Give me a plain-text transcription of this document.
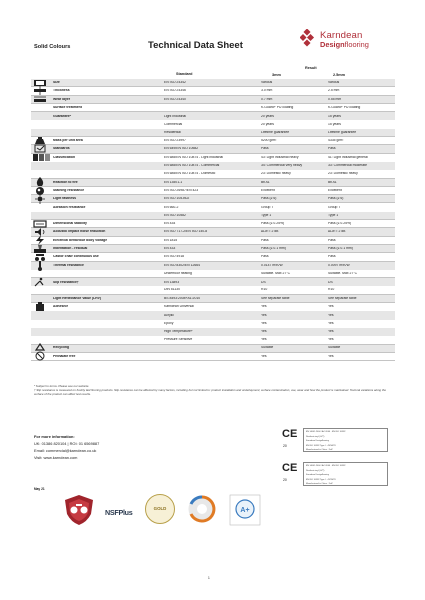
Solid Colours	Technical Data Sheet
Karndean
Designflooring
Standard
Result
3mm	2.5mm
Size	EN ISO 24342	Various	Various
Thickness	EN ISO 24346	3.0 mm	2.5 mm
Wear layer	EN ISO 24340	0.7 mm	0.55 mm
Surface treatment	K-Guard+ PU coating	K-Guard+ PU coating
Guarantee*	Light Industrial	20 years	15 years
Commercial	20 years	15 years
Residential	Lifetime guarantee	Lifetime guarantee
Mass per unit area	EN ISO 23997	5200 g/m²	4335 g/m²
Standards	EN 649/EN ISO 10582	Pass	Pass
Classification	EN 685/EN ISO 10874 - Light industrial	43: Light industrial heavy	41: Light industrial general
EN 685/EN ISO 10874 - Commercial	34: Commercial very heavy	33: Commercial moderate
EN 685/EN ISO 10874 - Domestic	23: Domestic heavy	23: Domestic heavy
Reaction to fire	EN 13501-1	Bfl-s1	Bfl-s1
Staining resistance	EN ISO 26987/EN 423	Excellent	Excellent
Light fastness	EN ISO 105-B02	Pass (≥ 6)	Pass (≥ 6)
Abrasion resistance	EN 660-2	Group T	Group T
EN ISO 10582	Type 1	Type 1
Dimensional stability	EN 434	Pass (≤ 0.25%)	Pass (≤ 0.25%)
Acoustic impact noise reduction	EN ISO 717-2/EN ISO 140-8	ΔLw = 2 dB	ΔLw = 2 dB
Electrical behaviour body voltage	EN 1815	Pass	Pass
Indentation - residual	EN 433	Pass (≤ 0.1 mm)	Pass (≤ 0.1 mm)
Castor chair continuous use	EN ISO 4918	Pass	Pass
Thermal resistance	EN ISO 8302/EN 12664	0.0147 m²K/W	0.0097 m²K/W
Underfloor heating	Suitable. Max 27°C	Suitable. Max 27°C
Slip resistance†	EN 13893	DS	DS
DIN 51130	R10	R10
Light Reflectance Value (LRV)	BS 8493:2008+A1:2010	See separate table	See separate table
Adhesive	Karndean Universal	Yes	Yes
Acrylic	Yes	Yes
Epoxy	Yes	Yes
High Temperature+	Yes	Yes
Pressure Sensitive	Yes	Yes
Recycling	Suitable	Suitable
Phthalate free	Yes	Yes
* Subject to terms. Please see our website.
† Slip resistance is measured on freshly laid flooring products. Slip resistance can be affected by many factors, including but not limited to: product installation and underlayment, surface contamination, use, wear and how the product is maintained. Textural variations along the surface of the product can affect test results.
For more information:
UK: 01386 820104 | ROI: 01 6569887
Email: commercial@karndean.co.uk
Visit: www.karndean.com
CE
20
EN 14041:2004 / AC:2006 · EN ISO 10582
Resilient vinyl (LVT)
Karndean Designflooring
EN ISO 10582 Type I · 43/34/23
Manufactured in China · DoP
CE
20
EN 14041:2004 / AC:2006 · EN ISO 10582
Resilient vinyl (LVT)
Karndean Designflooring
EN ISO 10582 Type I · 41/33/23
Manufactured in China · DoP
May 21
NSFPlus	GOLD	A+
1
